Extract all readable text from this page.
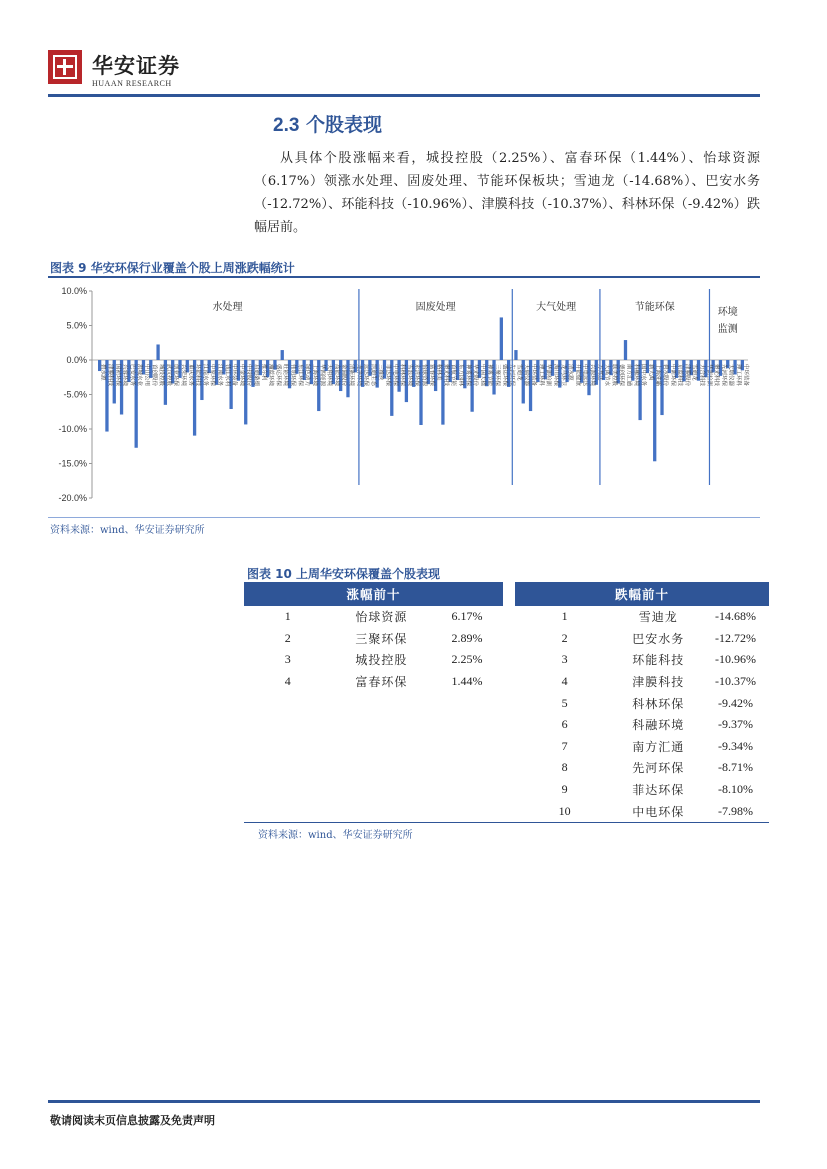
华安证券
HUAAN RESEARCH
2.3 个股表现
从具体个股涨幅来看，城投控股（2.25%）、富春环保（1.44%）、怡球资源（6.17%）领涨水处理、固废处理、节能环保板块；雪迪龙（-14.68%）、巴安水务（-12.72%）、环能科技（-10.96%）、津膜科技（-10.37%）、科林环保（-9.42%）跌幅居前。
图表 9 华安环保行业覆盖个股上周涨跌幅统计
10.0%
5.0%
0.0%
-5.0%
-10.0%
-15.0%
-20.0%
碧水源 津膜科技 国祯环保 兴蓉环境 巴安水务 洪城水业 中山公用 首创股份 城投控股 武汉控股 创业环保 兴荣环境 重庆水务 环能科技 江南水务 中原环保 江南水务 钱江水利 中环装备 中金环境 中持股份 启迪桑德 维尔利 瀚蓝环境 盛运环保 旺能环境 伟明环保 东江环保 绿色动力 上海环境 华西能源 天翔环境 高能环境 金圆股份 清新环境 龙净环境 远达环保 凯迪生态 三维丝 菲达环保 中电环保 科林环保 雪浪环境 永清环保 怡球资源 富春环保 格林美 聚光科技 首航节能 东方园林 神雾环保 华光股份 中国天楹 神雾节能 三聚环保 盛运环保 先河环保 雪迪龙 天瑞仪器 中环装备 理工环科 华测检测 海川环保 龙马环卫 清水源 开能健康 中电远达 兴源环境 万邦达 大禹节水 联美控股 德创环保 南方汇通 科融环境 国中水务 新大禹 上海洗霸 碧水股份 中新环保 京蓝科技 津膜股份 雪迪龙 力合科技 华测检测 聚光科技 先河环保 天瑞仪器 理工环科 中环装备
水处理	固废处理	大气处理	节能环保	环境监测
资料来源：wind、华安证券研究所
图表 10 上周华安环保覆盖个股表现
涨幅前十				跌幅前十		
1	怡球资源	6.17%		1	雪迪龙	-14.68%
2	三聚环保	2.89%		2	巴安水务	-12.72%
3	城投控股	2.25%		3	环能科技	-10.96%
4	富春环保	1.44%		4	津膜科技	-10.37%
				5	科林环保	-9.42%
				6	科融环境	-9.37%
				7	南方汇通	-9.34%
				8	先河环保	-8.71%
				9	菲达环保	-8.10%
				10	中电环保	-7.98%
资料来源：wind、华安证券研究所
敬请阅读末页信息披露及免责声明
